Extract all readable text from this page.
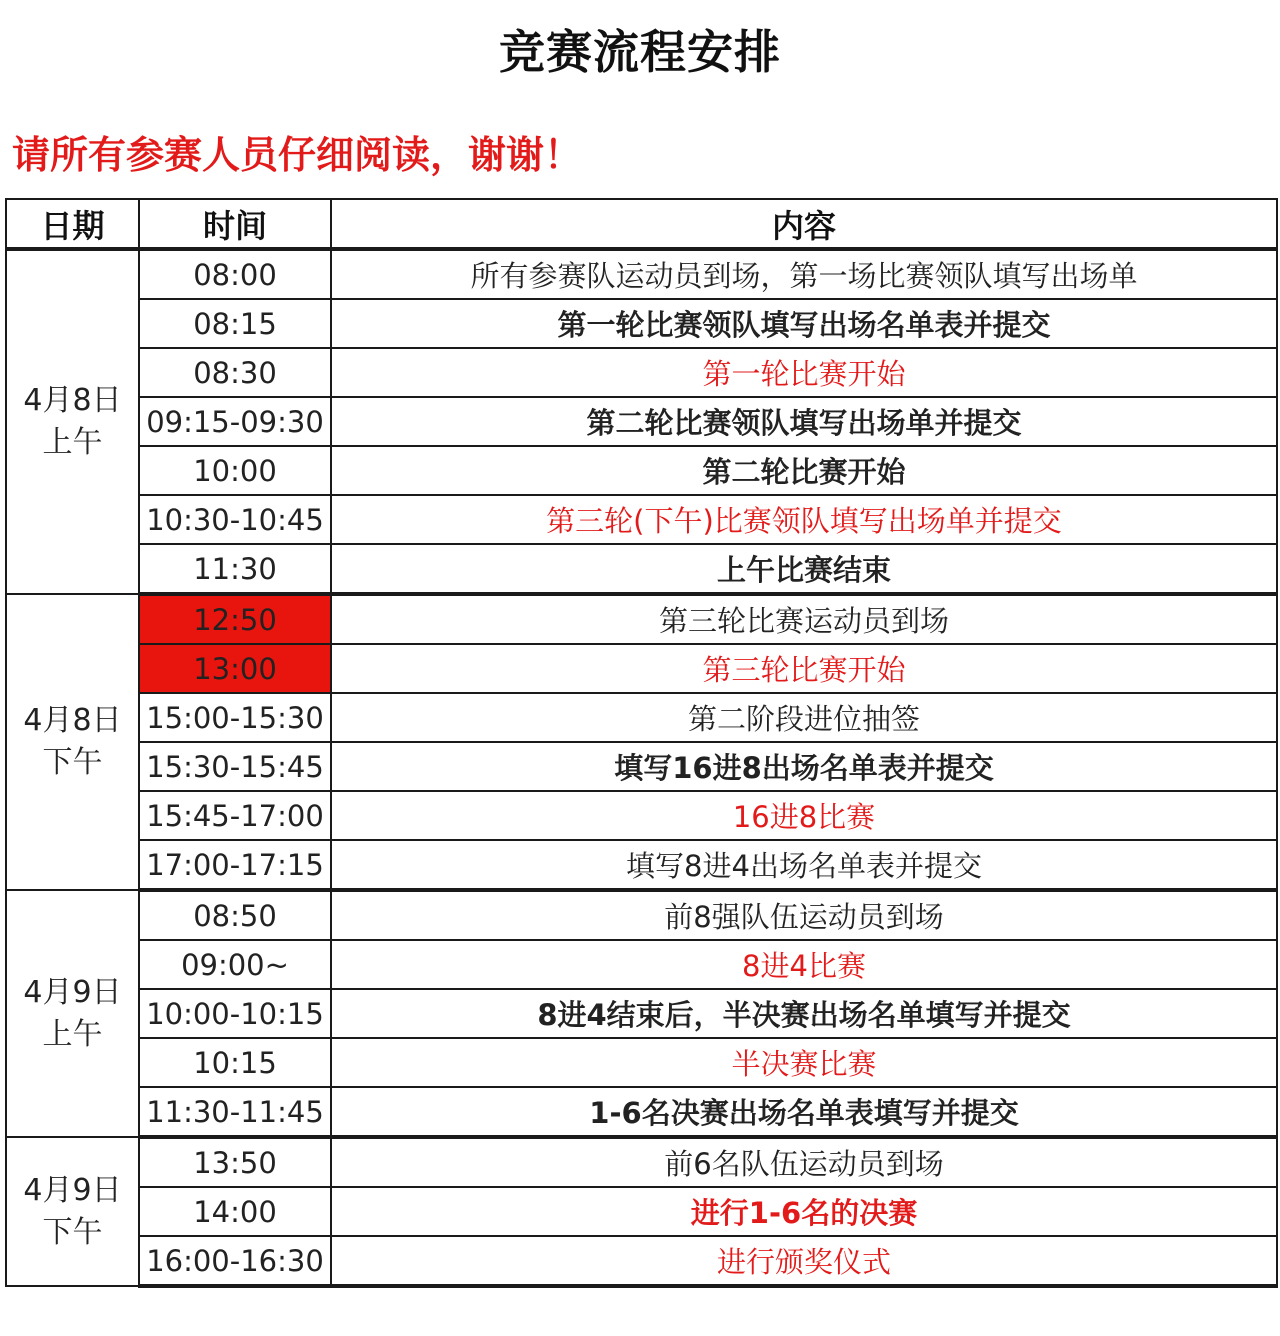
竞赛流程安排
请所有参赛人员仔细阅读，谢谢！
日期	时间	内容

4月8日
上午	08:00	所有参赛队运动员到场，第一场比赛领队填写出场单
	08:15	第一轮比赛领队填写出场名单表并提交
	08:30	第一轮比赛开始
	09:15-09:30	第二轮比赛领队填写出场单并提交
	10:00	第二轮比赛开始
	10:30-10:45	第三轮(下午)比赛领队填写出场单并提交
	11:30	上午比赛结束

4月8日
下午	12:50	第三轮比赛运动员到场
	13:00	第三轮比赛开始
	15:00-15:30	第二阶段进位抽签
	15:30-15:45	填写16进8出场名单表并提交
	15:45-17:00	16进8比赛
	17:00-17:15	填写8进4出场名单表并提交

4月9日
上午	08:50	前8强队伍运动员到场
	09:00~	8进4比赛
	10:00-10:15	8进4结束后，半决赛出场名单填写并提交
	10:15	半决赛比赛
	11:30-11:45	1-6名决赛出场名单表填写并提交

4月9日
下午	13:50	前6名队伍运动员到场
	14:00	进行1-6名的决赛
	16:00-16:30	进行颁奖仪式
